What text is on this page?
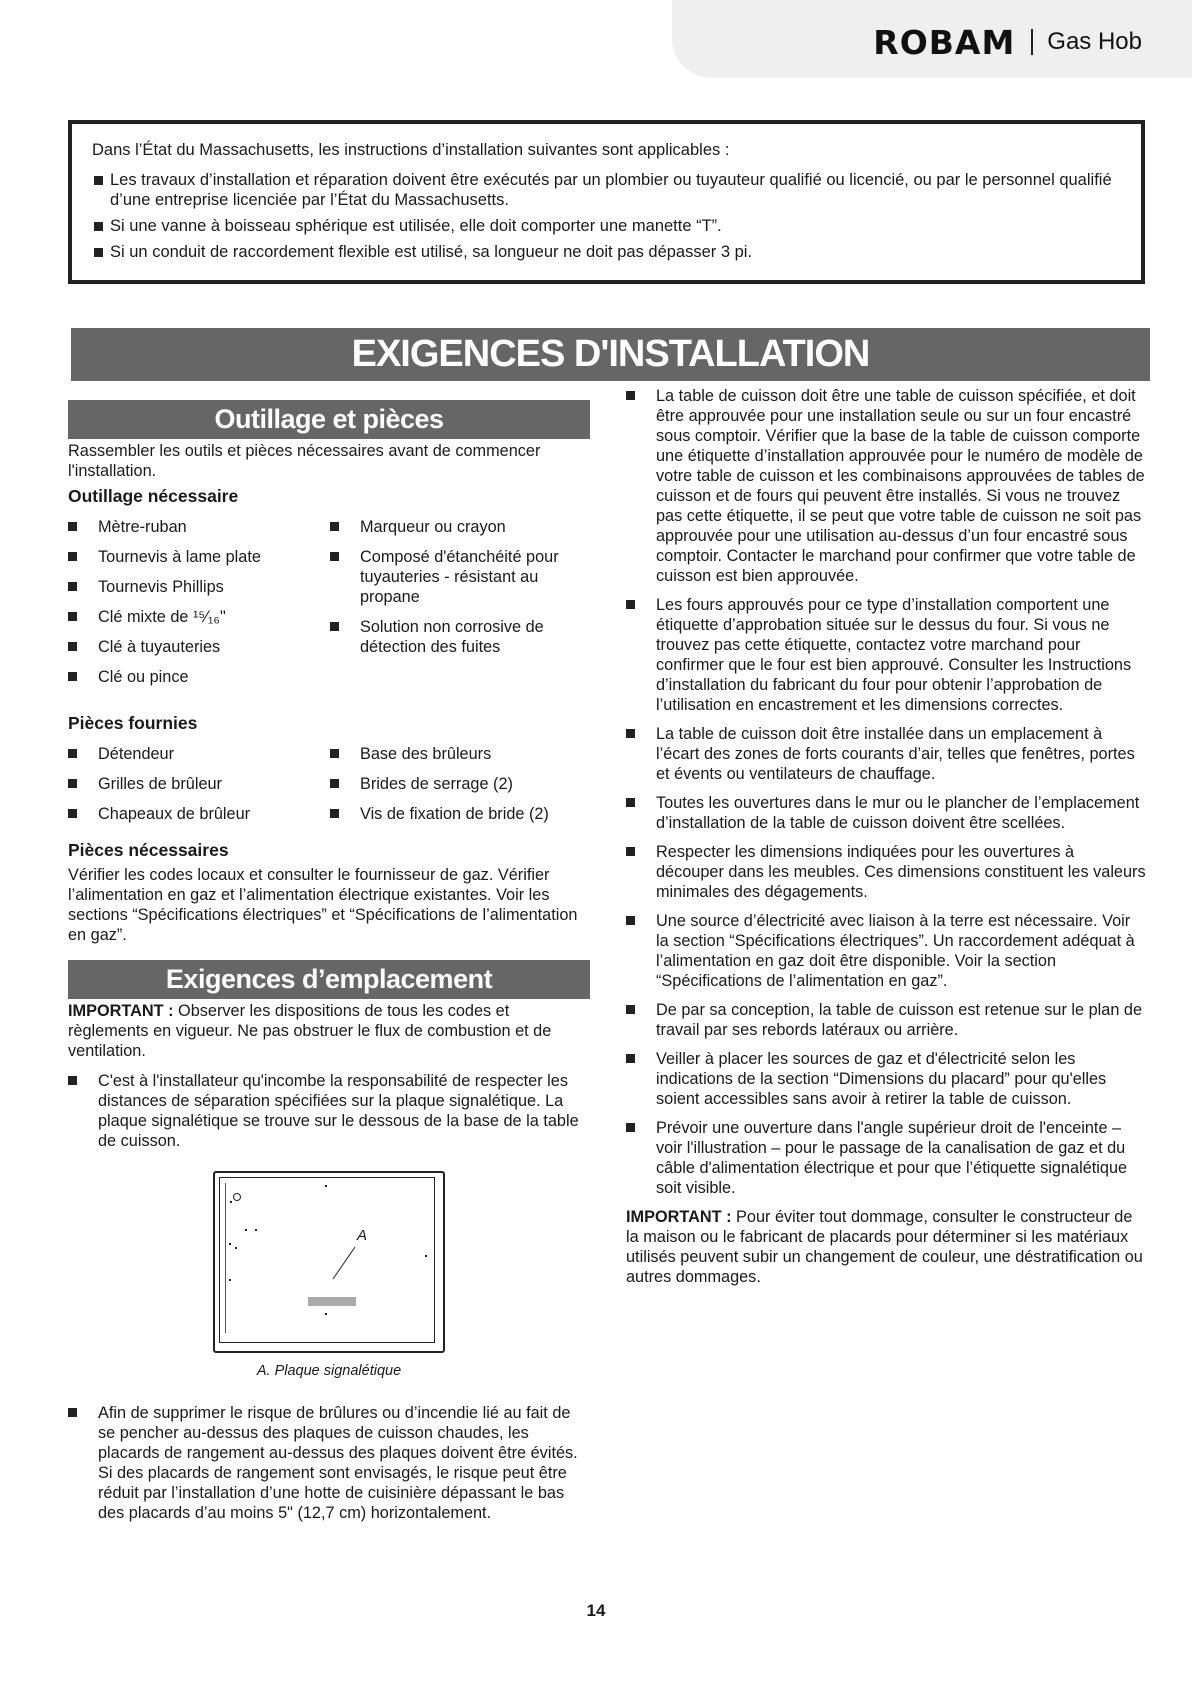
ROBAM Gas Hob

Dans l’État du Massachusetts, les instructions d’installation suivantes sont applicables :

Les travaux d’installation et réparation doivent être exécutés par un plombier ou tuyauteur qualifié ou licencié, ou par le personnel qualifié d’une entreprise licenciée par l’État du Massachusetts.
Si une vanne à boisseau sphérique est utilisée, elle doit comporter une manette “T”.
Si un conduit de raccordement flexible est utilisé, sa longueur ne doit pas dépasser 3 pi.
EXIGENCES D'INSTALLATION
Outillage et pièces

Rassembler les outils et pièces nécessaires avant de commencer l'installation.

Outillage nécessaire

Mètre-ruban
Tournevis à lame plate
Tournevis Phillips
Clé mixte de ¹⁵⁄₁₆"
Clé à tuyauteries
Clé ou pince
Marqueur ou crayon
Composé d'étanchéité pour tuyauteries - résistant au propane
Solution non corrosive de détection des fuites

Pièces fournies

Détendeur
Grilles de brûleur
Chapeaux de brûleur
Base des brûleurs
Brides de serrage (2)
Vis de fixation de bride (2)

Pièces nécessaires

Vérifier les codes locaux et consulter le fournisseur de gaz. Vérifier l’alimentation en gaz et l’alimentation électrique existantes. Voir les sections “Spécifications électriques” et “Spécifications de l’alimentation en gaz”.

Exigences d’emplacement

IMPORTANT : Observer les dispositions de tous les codes et règlements en vigueur. Ne pas obstruer le flux de combustion et de ventilation.

C'est à l'installateur qu'incombe la responsabilité de respecter les distances de séparation spécifiées sur la plaque signalétique. La plaque signalétique se trouve sur le dessous de la base de la table de cuisson.
A
A. Plaque signalétique
Afin de supprimer le risque de brûlures ou d’incendie lié au fait de se pencher au-dessus des plaques de cuisson chaudes, les placards de rangement au-dessus des plaques doivent être évités. Si des placards de rangement sont envisagés, le risque peut être réduit par l’installation d’une hotte de cuisinière dépassant le bas des placards d’au moins 5" (12,7 cm) horizontalement.
La table de cuisson doit être une table de cuisson spécifiée, et doit être approuvée pour une installation seule ou sur un four encastré sous comptoir. Vérifier que la base de la table de cuisson comporte une étiquette d’installation approuvée pour le numéro de modèle de votre table de cuisson et les combinaisons approuvées de tables de cuisson et de fours qui peuvent être installés. Si vous ne trouvez pas cette étiquette, il se peut que votre table de cuisson ne soit pas approuvée pour une utilisation au-dessus d’un four encastré sous comptoir. Contacter le marchand pour confirmer que votre table de cuisson est bien approuvée.
Les fours approuvés pour ce type d’installation comportent une étiquette d’approbation située sur le dessus du four. Si vous ne trouvez pas cette étiquette, contactez votre marchand pour confirmer que le four est bien approuvé. Consulter les Instructions d’installation du fabricant du four pour obtenir l’approbation de l’utilisation en encastrement et les dimensions correctes.
La table de cuisson doit être installée dans un emplacement à l’écart des zones de forts courants d’air, telles que fenêtres, portes et évents ou ventilateurs de chauffage.
Toutes les ouvertures dans le mur ou le plancher de l’emplacement d’installation de la table de cuisson doivent être scellées.
Respecter les dimensions indiquées pour les ouvertures à découper dans les meubles. Ces dimensions constituent les valeurs minimales des dégagements.
Une source d’électricité avec liaison à la terre est nécessaire. Voir la section “Spécifications électriques”. Un raccordement adéquat à l’alimentation en gaz doit être disponible. Voir la section “Spécifications de l’alimentation en gaz”.
De par sa conception, la table de cuisson est retenue sur le plan de travail par ses rebords latéraux ou arrière.
Veiller à placer les sources de gaz et d'électricité selon les indications de la section “Dimensions du placard” pour qu'elles soient accessibles sans avoir à retirer la table de cuisson.
Prévoir une ouverture dans l'angle supérieur droit de l'enceinte – voir l'illustration – pour le passage de la canalisation de gaz et du câble d'alimentation électrique et pour que l’étiquette signalétique soit visible.

IMPORTANT : Pour éviter tout dommage, consulter le constructeur de la maison ou le fabricant de placards pour déterminer si les matériaux utilisés peuvent subir un changement de couleur, une déstratification ou autres dommages.

14
